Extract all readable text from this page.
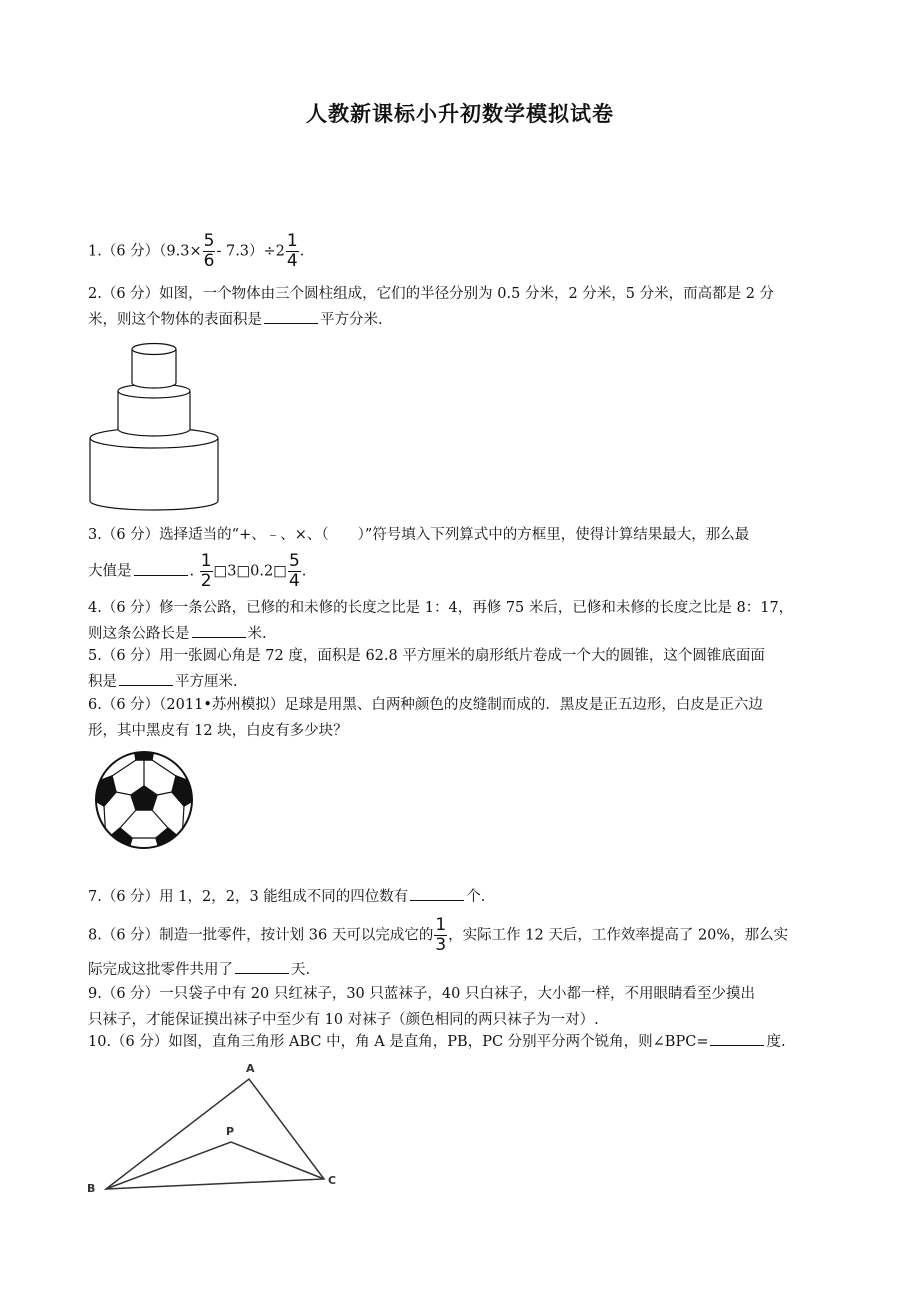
人教新课标小升初数学模拟试卷
1.（6 分）$(9.3\times \frac{5}{6} - 7.3)\div 2 \frac{1}{4}$ .
2.（6 分）如图，一个物体由三个圆柱组成，它们的半径分别为 0.5 分米，2 分米，5 分米，而高都是 2 分
米，则这个物体的表面积是	平方分米.
3.（6 分）选择适当的“+、﹣、×、（　　）”符号填入下列算式中的方框里，使得计算结果最大，那么最
大值是	. $\frac{1}{2}$ □3□0.2□ $\frac{5}{4}$ .
4.（6 分）修一条公路，已修的和未修的长度之比是 1：4，再修 75 米后，已修和未修的长度之比是 8：17，
则这条公路长是	米.
5.（6 分）用一张圆心角是 72 度，面积是 62.8 平方厘米的扇形纸片卷成一个大的圆锥，这个圆锥底面面
积是	平方厘米.
6.（6 分）（2011•苏州模拟）足球是用黑、白两种颜色的皮缝制而成的．黑皮是正五边形，白皮是正六边
形，其中黑皮有 12 块，白皮有多少块？
7.（6 分）用 1，2，2，3 能组成不同的四位数有	个.
8.（6 分）制造一批零件，按计划 36 天可以完成它的 $\frac{1}{3}$ ，实际工作 12 天后，工作效率提高了 20%，那么实
际完成这批零件共用了	天.
9.（6 分）一只袋子中有 20 只红袜子，30 只蓝袜子，40 只白袜子，大小都一样，不用眼睛看至少摸出
只袜子，才能保证摸出袜子中至少有 10 对袜子（颜色相同的两只袜子为一对）.
10.（6 分）如图，直角三角形 ABC 中，角 A 是直角，PB，PC 分别平分两个锐角，则∠BPC=	度.
A
B
C
P
